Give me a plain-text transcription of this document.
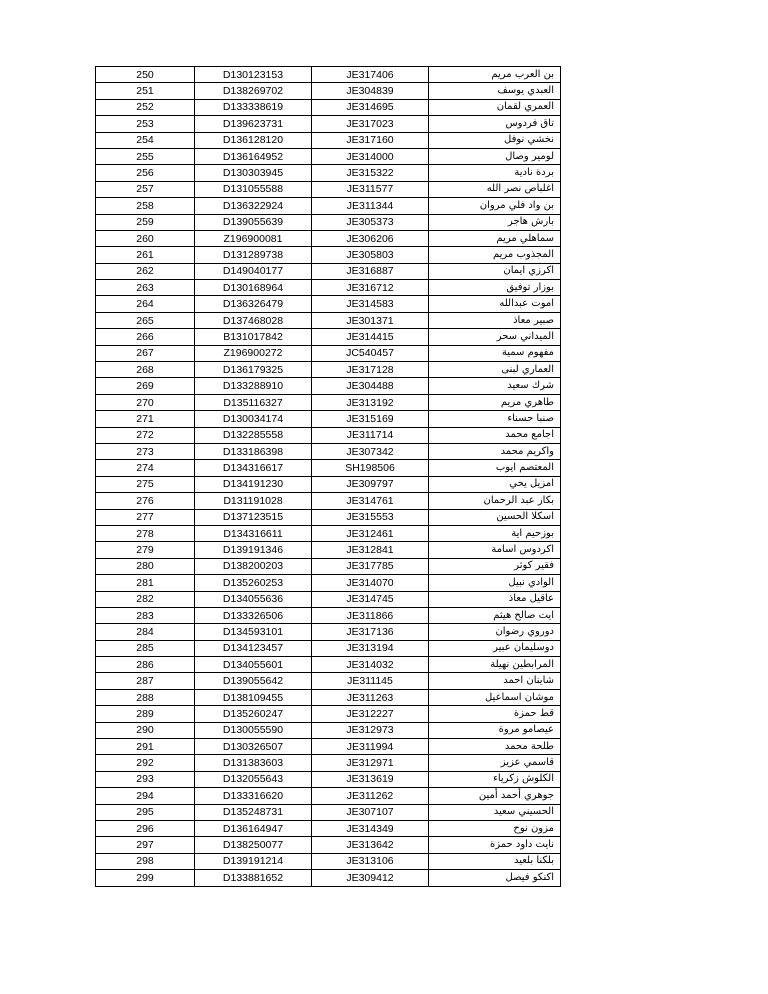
250	D130123153	JE317406	بن العرب مريم
251	D138269702	JE304839	العبدي يوسف
252	D133338619	JE314695	العمري لقمان
253	D139623731	JE317023	تاق فردوس
254	D136128120	JE317160	نخشي نوفل
255	D136164952	JE314000	لومير وصال
256	D130303945	JE315322	بردة نادية
257	D131055588	JE311577	اغلباص نصر الله
258	D136322924	JE311344	بن واد فلي مروان
259	D139055639	JE305373	بارش هاجر
260	Z196900081	JE306206	سماهلي مريم
261	D131289738	JE305803	المجذوب مريم
262	D149040177	JE316887	اكرزي ايمان
263	D130168964	JE316712	بوزار توفيق
264	D136326479	JE314583	اموت عبدالله
265	D137468028	JE301371	صبير معاذ
266	B131017842	JE314415	الميداني سحر
267	Z196900272	JC540457	مفهوم سمية
268	D136179325	JE317128	العماري لبنى
269	D133288910	JE304488	شرك سعيد
270	D135116327	JE313192	طاهري مريم
271	D130034174	JE315169	صنبا حسناء
272	D132285558	JE311714	اجامع محمد
273	D133186398	JE307342	واكريم محمد
274	D134316617	SH198506	المعتصم ايوب
275	D134191230	JE309797	امزيل يحي
276	D131191028	JE314761	بكار عبد الرحمان
277	D137123515	JE315553	اسكلا الحسين
278	D134316611	JE312461	بوزحيم اية
279	D139191346	JE312841	اكردوس اسامة
280	D138200203	JE317785	فقير كوثر
281	D135260253	JE314070	الوادي نبيل
282	D134055636	JE314745	عاقيل معاذ
283	D133326506	JE311866	ايت صالح هيثم
284	D134593101	JE317136	دوروي رضوان
285	D134123457	JE313194	دوسليمان عبير
286	D134055601	JE314032	المرابطين نهيلة
287	D139055642	JE311145	شاينان احمد
288	D138109455	JE311263	موشان اسماعيل
289	D135260247	JE312227	قط حمزة
290	D130055590	JE312973	عيصامو مروة
291	D130326507	JE311994	طلحة محمد
292	D131383603	JE312971	قاسمي عزيز
293	D132055643	JE313619	الكلوش زكرياء
294	D133316620	JE311262	جوهري أحمد أمين
295	D135248731	JE307107	الحسيني سعيد
296	D136164947	JE314349	مزون نوح
297	D138250077	JE313642	نايت داود حمزة
298	D139191214	JE313106	بلكنا بلعيد
299	D133881652	JE309412	اكنكو فيصل
